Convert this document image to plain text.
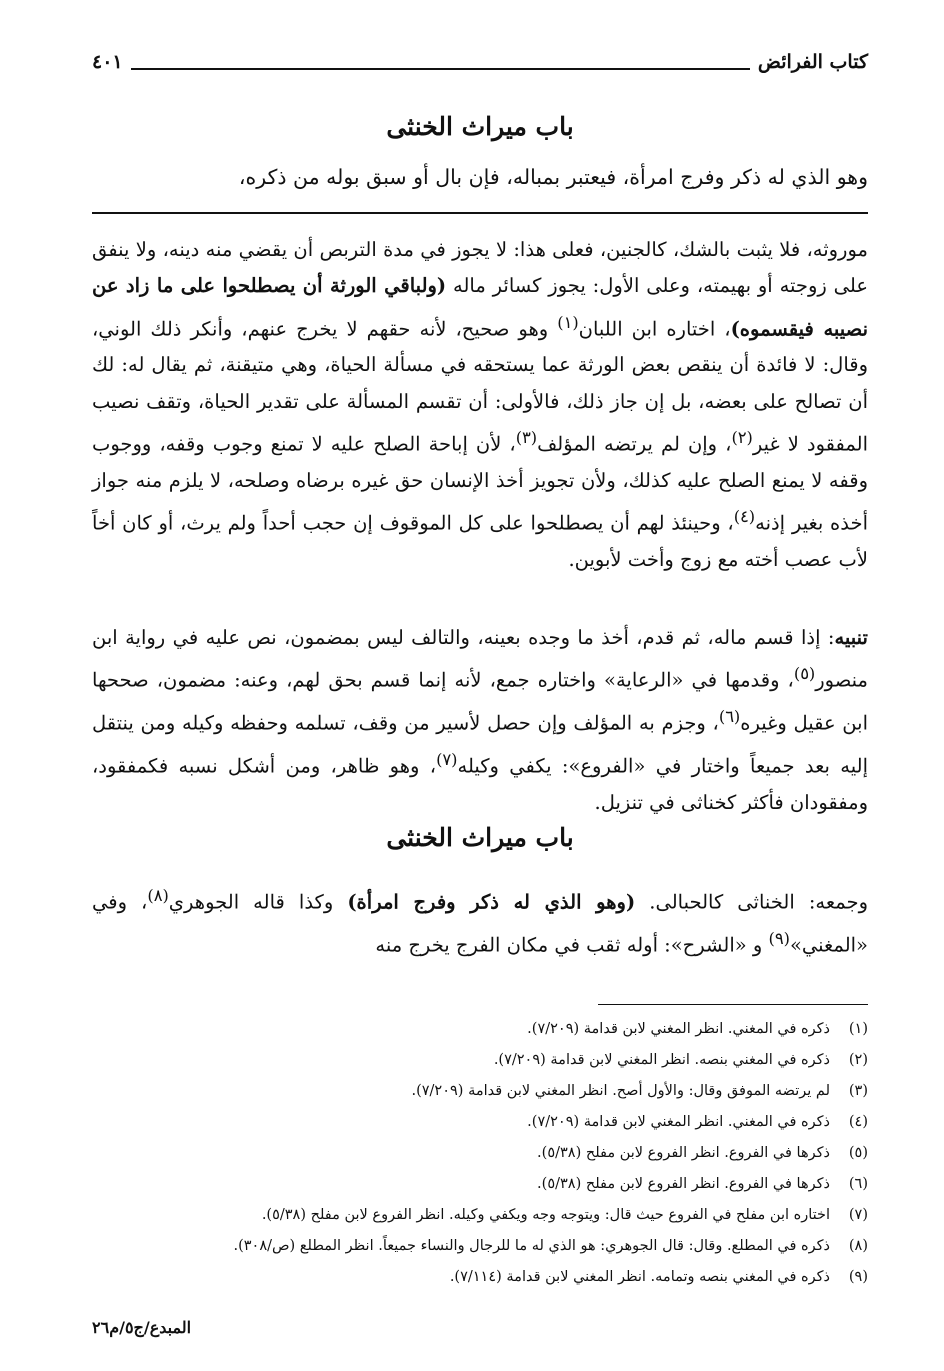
كتاب الفرائض
٤٠١
باب ميراث الخنثى
وهو الذي له ذكر وفرج امرأة، فيعتبر بمباله، فإن بال أو سبق بوله من ذكره،

موروثه، فلا يثبت بالشك، كالجنين، فعلى هذا: لا يجوز في مدة التربص أن يقضي منه دينه، ولا ينفق على زوجته أو بهيمته، وعلى الأول: يجوز كسائر ماله (ولباقي الورثة أن يصطلحوا على ما زاد عن نصيبه فيقسموه)، اختاره ابن اللبان$^{(١)}$ وهو صحيح، لأنه حقهم لا يخرج عنهم، وأنكر ذلك الوني، وقال: لا فائدة أن ينقص بعض الورثة عما يستحقه في مسألة الحياة، وهي متيقنة، ثم يقال له: لك أن تصالح على بعضه، بل إن جاز ذلك، فالأولى: أن تقسم المسألة على تقدير الحياة، وتقف نصيب المفقود لا غير$^{(٢)}$، وإن لم يرتضه المؤلف$^{(٣)}$، لأن إباحة الصلح عليه لا تمنع وجوب وقفه، ووجوب وقفه لا يمنع الصلح عليه كذلك، ولأن تجويز أخذ الإنسان حق غيره برضاه وصلحه، لا يلزم منه جواز أخذه بغير إذنه$^{(٤)}$، وحينئذ لهم أن يصطلحوا على كل الموقوف إن حجب أحداً ولم يرث، أو كان أخاً لأب عصب أخته مع زوج وأخت لأبوين.

تنبيه: إذا قسم ماله، ثم قدم، أخذ ما وجده بعينه، والتالف ليس بمضمون، نص عليه في رواية ابن منصور$^{(٥)}$، وقدمها في «الرعاية» واختاره جمع، لأنه إنما قسم بحق لهم، وعنه: مضمون، صححها ابن عقيل وغيره$^{(٦)}$، وجزم به المؤلف وإن حصل لأسير من وقف، تسلمه وحفظه وكيله ومن ينتقل إليه بعد جميعاً واختار في «الفروع»: يكفي وكيله$^{(٧)}$، وهو ظاهر، ومن أشكل نسبه فكمفقود، ومفقودان فأكثر كخناثى في تنزيل.

باب ميراث الخنثى

وجمعه: الخناثى كالحبالى. (وهو الذي له ذكر وفرج امرأة) وكذا قاله الجوهري$^{(٨)}$، وفي «المغني»$^{(٩)}$ و «الشرح»: أوله ثقب في مكان الفرج يخرج منه

(١)
ذكره في المغني. انظر المغني لابن قدامة (٧/٢٠٩).
(٢)
ذكره في المغني بنصه. انظر المغني لابن قدامة (٧/٢٠٩).
(٣)
لم يرتضه الموفق وقال: والأول أصح. انظر المغني لابن قدامة (٧/٢٠٩).
(٤)
ذكره في المغني. انظر المغني لابن قدامة (٧/٢٠٩).
(٥)
ذكرها في الفروع. انظر الفروع لابن مفلح (٥/٣٨).
(٦)
ذكرها في الفروع. انظر الفروع لابن مفلح (٥/٣٨).
(٧)
اختاره ابن مفلح في الفروع حيث قال: ويتوجه وجه ويكفي وكيله. انظر الفروع لابن مفلح (٥/٣٨).
(٨)
ذكره في المطلع. وقال: قال الجوهري: هو الذي له ما للرجال والنساء جميعاً. انظر المطلع (ص/٣٠٨).
(٩)
ذكره في المغني بنصه وتمامه. انظر المغني لابن قدامة (٧/١١٤).
المبدع/ج٥/م٢٦
